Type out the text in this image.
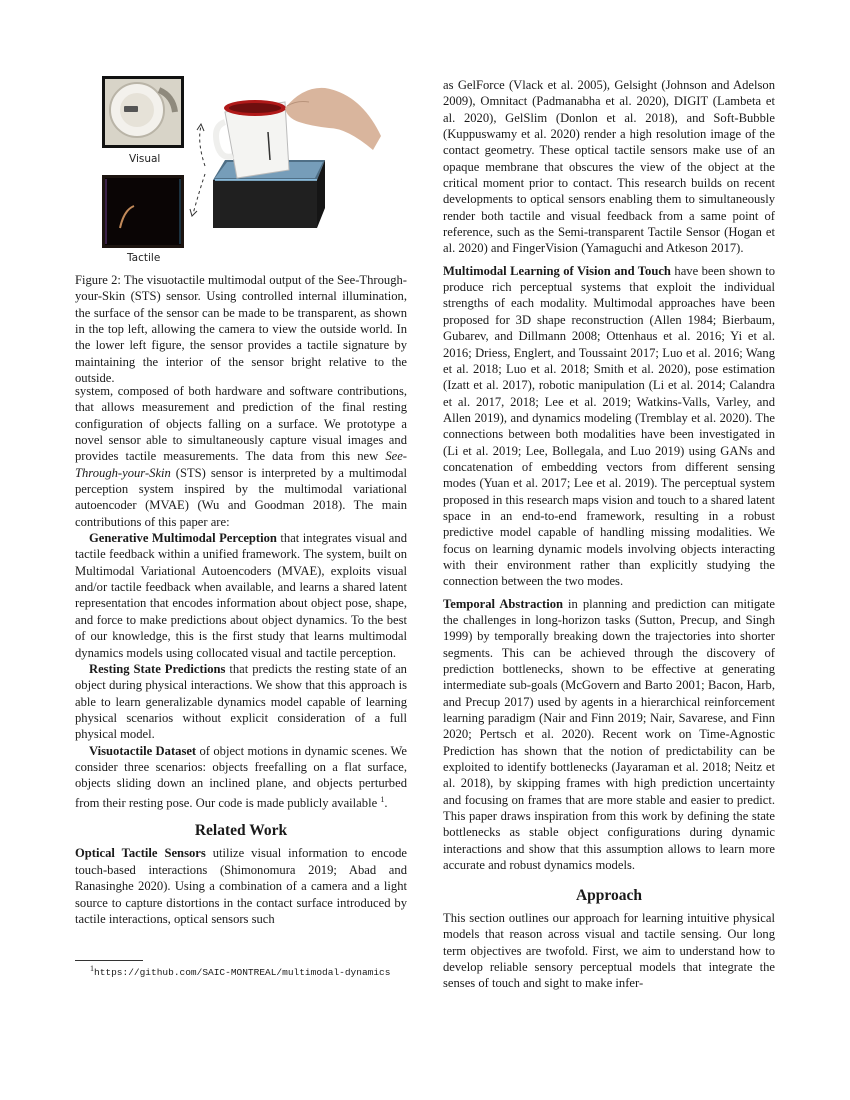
Visual
Tactile

Figure 2: The visuotactile multimodal output of the See-Through-your-Skin (STS) sensor. Using controlled internal illumination, the surface of the sensor can be made to be transparent, as shown in the top left, allowing the camera to view the outside world. In the lower left figure, the sensor provides a tactile signature by maintaining the interior of the sensor bright relative to the outside.

system, composed of both hardware and software contributions, that allows measurement and prediction of the final resting configuration of objects falling on a surface. We prototype a novel sensor able to simultaneously capture visual images and provides tactile measurements. The data from this new See-Through-your-Skin (STS) sensor is interpreted by a multimodal perception system inspired by the multimodal variational autoencoder (MVAE) (Wu and Goodman 2018). The main contributions of this paper are:

Generative Multimodal Perception that integrates visual and tactile feedback within a unified framework. The system, built on Multimodal Variational Autoencoders (MVAE), exploits visual and/or tactile feedback when available, and learns a shared latent representation that encodes information about object pose, shape, and force to make predictions about object dynamics. To the best of our knowledge, this is the first study that learns multimodal dynamics models using collocated visual and tactile perception.

Resting State Predictions that predicts the resting state of an object during physical interactions. We show that this approach is able to learn generalizable dynamics model capable of learning physical scenarios without explicit consideration of a full physical model.

Visuotactile Dataset of object motions in dynamic scenes. We consider three scenarios: objects freefalling on a flat surface, objects sliding down an inclined plane, and objects perturbed from their resting pose. Our code is made publicly available $^1$.

Related Work

Optical Tactile Sensors utilize visual information to encode touch-based interactions (Shimonomura 2019; Abad and Ranasinghe 2020). Using a combination of a camera and a light source to capture distortions in the contact surface introduced by tactile interactions, optical sensors such

$^1$https://github.com/SAIC-MONTREAL/multimodal-dynamics

as GelForce (Vlack et al. 2005), Gelsight (Johnson and Adelson 2009), Omnitact (Padmanabha et al. 2020), DIGIT (Lambeta et al. 2020), GelSlim (Donlon et al. 2018), and Soft-Bubble (Kuppuswamy et al. 2020) render a high resolution image of the contact geometry. These optical tactile sensors make use of an opaque membrane that obscures the view of the object at the critical moment prior to contact. This research builds on recent developments to optical sensors enabling them to simultaneously render both tactile and visual feedback from a same point of reference, such as the Semi-transparent Tactile Sensor (Hogan et al. 2020) and FingerVision (Yamaguchi and Atkeson 2017).

Multimodal Learning of Vision and Touch have been shown to produce rich perceptual systems that exploit the individual strengths of each modality. Multimodal approaches have been proposed for 3D shape reconstruction (Allen 1984; Bierbaum, Gubarev, and Dillmann 2008; Ottenhaus et al. 2016; Yi et al. 2016; Driess, Englert, and Toussaint 2017; Luo et al. 2016; Wang et al. 2018; Luo et al. 2018; Smith et al. 2020), pose estimation (Izatt et al. 2017), robotic manipulation (Li et al. 2014; Calandra et al. 2017, 2018; Lee et al. 2019; Watkins-Valls, Varley, and Allen 2019), and dynamics modeling (Tremblay et al. 2020). The connections between both modalities have been investigated in (Li et al. 2019; Lee, Bollegala, and Luo 2019) using GANs and concatenation of embedding vectors from different sensing modes (Yuan et al. 2017; Lee et al. 2019). The perceptual system proposed in this research maps vision and touch to a shared latent space in an end-to-end framework, resulting in a robust predictive model capable of handling missing modalities. We focus on learning dynamic models involving objects interacting with their environment rather than explicitly studying the connection between the two modes.

Temporal Abstraction in planning and prediction can mitigate the challenges in long-horizon tasks (Sutton, Precup, and Singh 1999) by temporally breaking down the trajectories into shorter segments. This can be achieved through the discovery of prediction bottlenecks, shown to be effective at generating intermediate sub-goals (McGovern and Barto 2001; Bacon, Harb, and Precup 2017) used by agents in a hierarchical reinforcement learning paradigm (Nair and Finn 2019; Nair, Savarese, and Finn 2020; Pertsch et al. 2020). Recent work on Time-Agnostic Prediction has shown that the notion of predictability can be exploited to identify bottlenecks (Jayaraman et al. 2018; Neitz et al. 2018), by skipping frames with high prediction uncertainty and focusing on frames that are more stable and easier to predict. This paper draws inspiration from this work by defining the state bottlenecks as stable object configurations during dynamic interactions and show that this assumption allows to learn more accurate and robust dynamics models.

Approach

This section outlines our approach for learning intuitive physical models that reason across visual and tactile sensing. Our long term objectives are twofold. First, we aim to understand how to develop reliable sensory perceptual models that integrate the senses of touch and sight to make infer-
